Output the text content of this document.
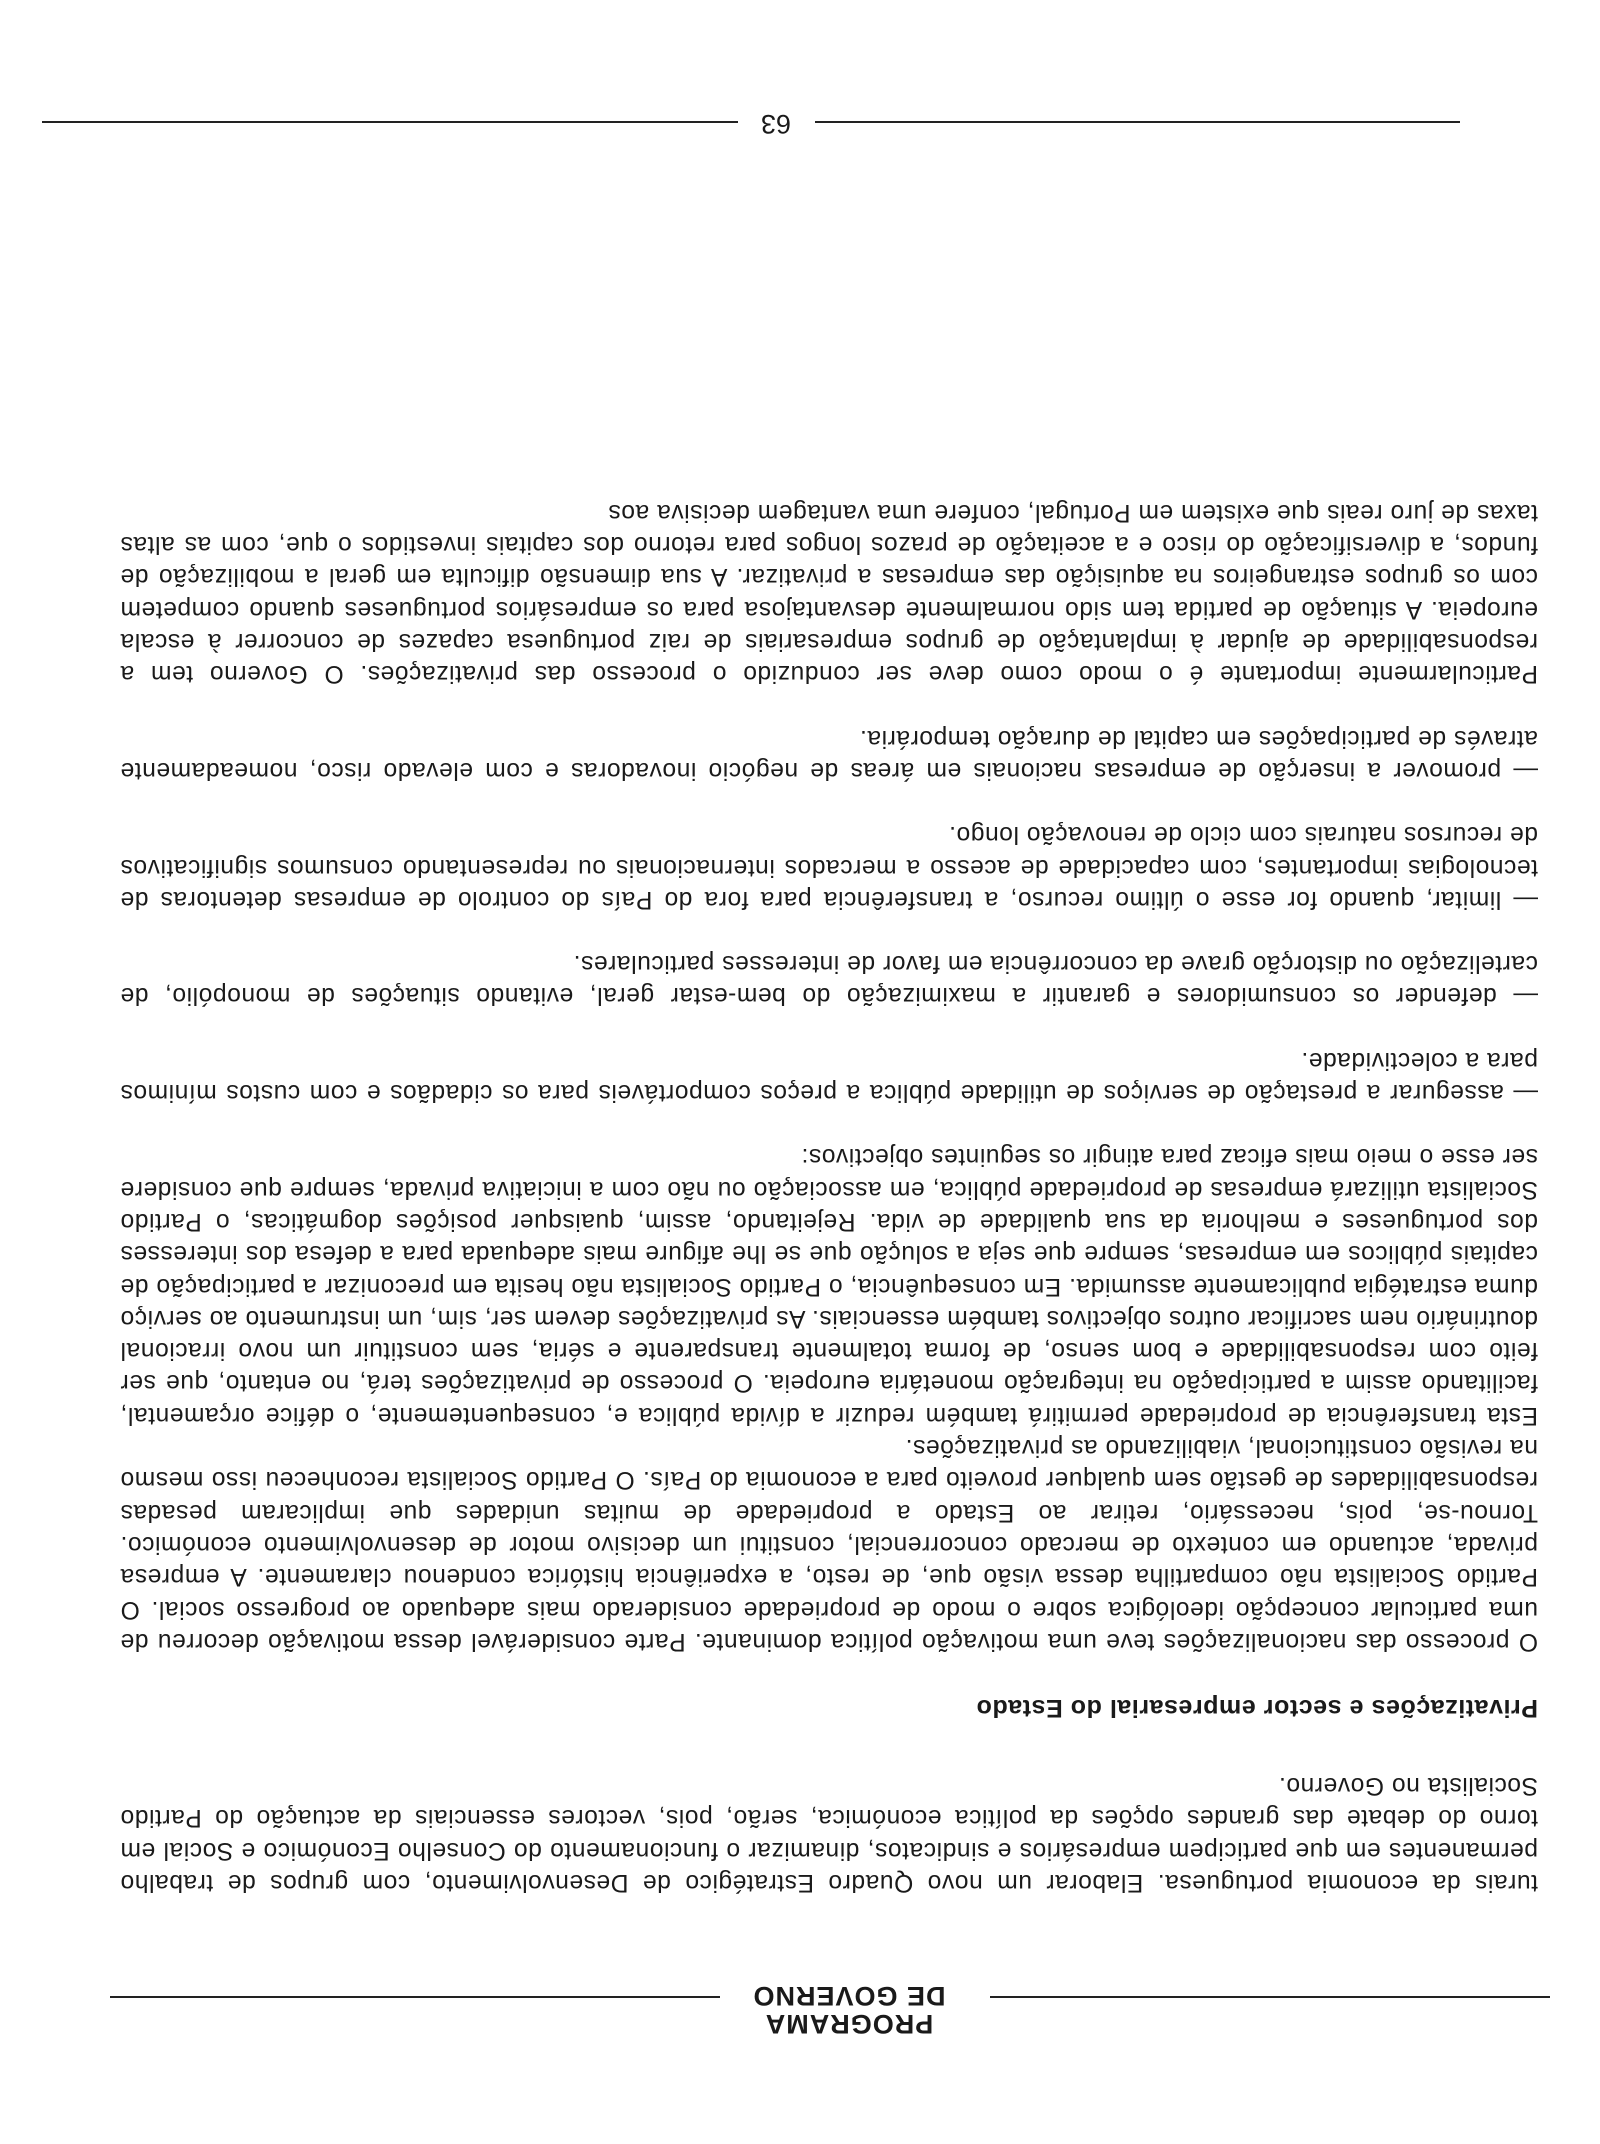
PROGRAMA
DE GOVERNO

turais da economia portuguesa. Elaborar um novo Quadro Estratégico de Desenvolvimento, com grupos de trabalho permanentes em que participem empresários e sindicatos, dinamizar o funcionamento do Conselho Económico e Social em torno do debate das grandes opções da política económica, serão, pois, vectores essenciais da actuação do Partido Socialista no Governo.

Privatizações e sector empresarial do Estado

O processo das nacionalizações teve uma motivação política dominante. Parte considerável dessa motivação decorreu de uma particular concepção ideológica sobre o modo de propriedade considerado mais adequado ao progresso social. O Partido Socialista não compartilha dessa visão que, de resto, a experiência histórica condenou claramente. A empresa privada, actuando em contexto de mercado concorrencial, constitui um decisivo motor de desenvolvimento económico. Tornou-se, pois, necessário, retirar ao Estado a propriedade de muitas unidades que implicaram pesadas responsabilidades de gestão sem qualquer proveito para a economia do País. O Partido Socialista reconheceu isso mesmo na revisão constitucional, viabilizando as privatizações.

Esta transferência de propriedade permitirá também reduzir a dívida pública e, consequentemente, o défice orçamental, facilitando assim a participação na integração monetária europeia. O processo de privatizações terá, no entanto, que ser feito com responsabilidade e bom senso, de forma totalmente transparente e séria, sem constituir um novo irracional doutrinário nem sacrificar outros objectivos também essenciais. As privatizações devem ser, sim, um instrumento ao serviço duma estratégia publicamente assumida. Em consequência, o Partido Socialista não hesita em preconizar a participação de capitais públicos em empresas, sempre que seja a solução que se lhe afigure mais adequada para a defesa dos interesses dos portugueses e melhoria da sua qualidade de vida. Rejeitando, assim, quaisquer posições dogmáticas, o Partido Socialista utilizará empresas de propriedade pública, em associação ou não com a iniciativa privada, sempre que considere ser esse o meio mais eficaz para atingir os seguintes objectivos:

— assegurar a prestação de serviços de utilidade pública a preços comportáveis para os cidadãos e com custos mínimos para a colectividade.

— defender os consumidores e garantir a maximização do bem-estar geral, evitando situações de monopólio, de cartelização ou distorção grave da concorrência em favor de interesses particulares.

— limitar, quando for esse o último recurso, a transferência para fora do País do controlo de empresas detentoras de tecnologias importantes, com capacidade de acesso a mercados internacionais ou representando consumos significativos de recursos naturais com ciclo de renovação longo.

— promover a inserção de empresas nacionais em áreas de negócio inovadoras e com elevado risco, nomeadamente através de participações em capital de duração temporária.

Particularmente importante é o modo como deve ser conduzido o processo das privatizações. O Governo tem a responsabilidade de ajudar à implantação de grupos empresariais de raiz portuguesa capazes de concorrer à escala europeia. A situação de partida tem sido normalmente desvantajosa para os empresários portugueses quando competem com os grupos estrangeiros na aquisição das empresas a privatizar. A sua dimensão dificulta em geral a mobilização de fundos, a diversificação do risco e a aceitação de prazos longos para retorno dos capitais investidos o que, com as altas taxas de juro reais que existem em Portugal, confere uma vantagem decisiva aos

63
